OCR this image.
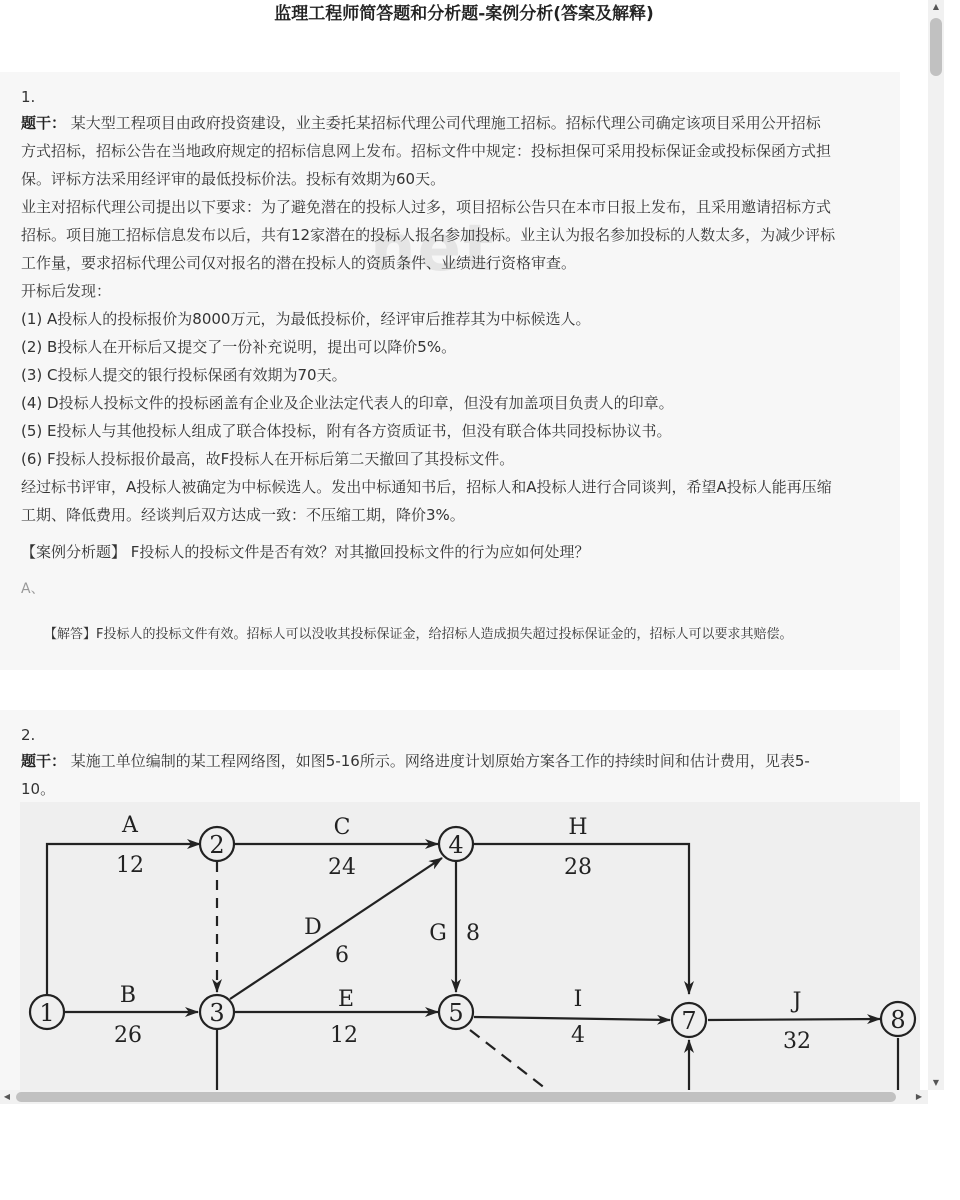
监理工程师简答题和分析题-案例分析(答案及解释)
net
1.
题干： 某大型工程项目由政府投资建设，业主委托某招标代理公司代理施工招标。招标代理公司确定该项目采用公开招标
方式招标，招标公告在当地政府规定的招标信息网上发布。招标文件中规定：投标担保可采用投标保证金或投标保函方式担
保。评标方法采用经评审的最低投标价法。投标有效期为60天。
业主对招标代理公司提出以下要求：为了避免潜在的投标人过多，项目招标公告只在本市日报上发布，且采用邀请招标方式
招标。项目施工招标信息发布以后，共有12家潜在的投标人报名参加投标。业主认为报名参加投标的人数太多，为减少评标
工作量，要求招标代理公司仅对报名的潜在投标人的资质条件、业绩进行资格审查。
开标后发现：
(1) A投标人的投标报价为8000万元，为最低投标价，经评审后推荐其为中标候选人。
(2) B投标人在开标后又提交了一份补充说明，提出可以降价5%。
(3) C投标人提交的银行投标保函有效期为70天。
(4) D投标人投标文件的投标函盖有企业及企业法定代表人的印章，但没有加盖项目负责人的印章。
(5) E投标人与其他投标人组成了联合体投标，附有各方资质证书，但没有联合体共同投标协议书。
(6) F投标人投标报价最高，故F投标人在开标后第二天撤回了其投标文件。
经过标书评审，A投标人被确定为中标候选人。发出中标通知书后，招标人和A投标人进行合同谈判，希望A投标人能再压缩
工期、降低费用。经谈判后双方达成一致：不压缩工期，降价3%。
【案例分析题】 F投标人的投标文件是否有效？对其撤回投标文件的行为应如何处理？
A、
【解答】F投标人的投标文件有效。招标人可以没收其投标保证金，给招标人造成损失超过投标保证金的，招标人可以要求其赔偿。
2.
题干： 某施工单位编制的某工程网络图，如图5-16所示。网络进度计划原始方案各工作的持续时间和估计费用，见表5-
10。
1
2
3
4
5	7	8
A
12
B
26
C
24
D
6
E
12
G 8
H
28
I
4
J
32
▲
▼
◀	▶
